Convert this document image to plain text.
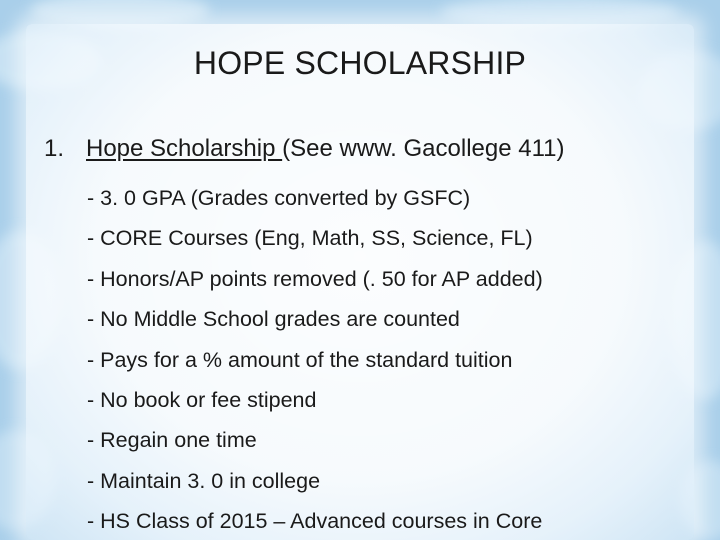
HOPE SCHOLARSHIP
1. Hope Scholarship (See www. Gacollege 411)
- 3. 0 GPA (Grades converted by GSFC)
- CORE Courses (Eng, Math, SS, Science, FL)
- Honors/AP points removed (. 50 for AP added)
- No Middle School grades are counted
- Pays for a % amount of the standard tuition
- No book or fee stipend
- Regain one time
- Maintain 3. 0 in college
- HS Class of 2015 – Advanced courses in Core
